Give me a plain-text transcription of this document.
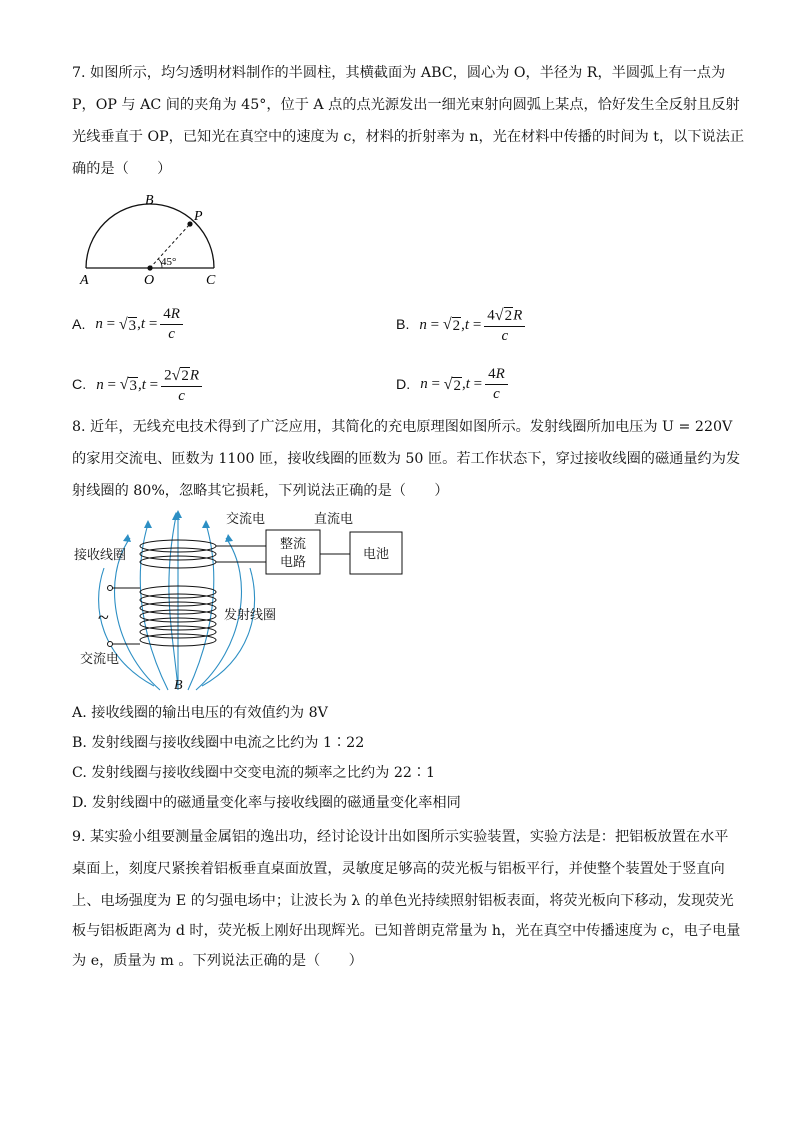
7. 如图所示，均匀透明材料制作的半圆柱，其横截面为 ABC，圆心为 O，半径为 R，半圆弧上有一点为
P，OP 与 AC 间的夹角为 45°，位于 A 点的点光源发出一细光束射向圆弧上某点，恰好发生全反射且反射
光线垂直于 OP，已知光在真空中的速度为 c，材料的折射率为 n，光在材料中传播的时间为 t，以下说法正
确的是（　　）
A
B
C
O
P
45°
A. n = √ 3 , $t = \frac{4R}{c}$	B. n = √ 2 , $t = \frac{4 √ 2 R}{c}$
C. n = √ 3 , $t = \frac{2 √ 2 R}{c}$	D. n = √ 2 , $t = \frac{4R}{c}$
8. 近年，无线充电技术得到了广泛应用，其简化的充电原理图如图所示。发射线圈所加电压为 U = 220V
的家用交流电、匝数为 1100 匝，接收线圈的匝数为 50 匝。若工作状态下，穿过接收线圈的磁通量约为发
射线圈的 80%，忽略其它损耗，下列说法正确的是（　　）
交流电	直流电
接收线圈
整流
电路
电池
发射线圈
~
交流电
B
A. 接收线圈的输出电压的有效值约为 8V
B. 发射线圈与接收线圈中电流之比约为 1∶22
C. 发射线圈与接收线圈中交变电流的频率之比约为 22∶1
D. 发射线圈中的磁通量变化率与接收线圈的磁通量变化率相同
9. 某实验小组要测量金属铝的逸出功，经讨论设计出如图所示实验装置，实验方法是：把铝板放置在水平
桌面上，刻度尺紧挨着铝板垂直桌面放置，灵敏度足够高的荧光板与铝板平行，并使整个装置处于竖直向
上、电场强度为 E 的匀强电场中；让波长为 λ 的单色光持续照射铝板表面，将荧光板向下移动，发现荧光
板与铝板距离为 d 时，荧光板上刚好出现辉光。已知普朗克常量为 h，光在真空中传播速度为 c，电子电量
为 e，质量为 m 。下列说法正确的是（　　）
